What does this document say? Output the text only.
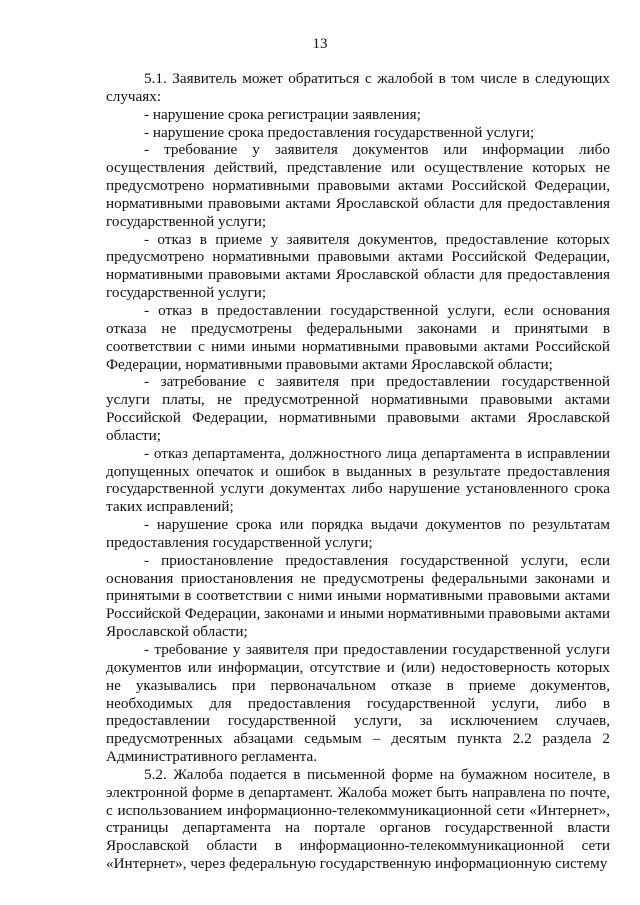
13

5.1. Заявитель может обратиться с жалобой в том числе в следующих случаях:

- нарушение срока регистрации заявления;

- нарушение срока предоставления государственной услуги;

- требование у заявителя документов или информации либо осуществления действий, представление или осуществление которых не предусмотрено нормативными правовыми актами Российской Федерации, нормативными правовыми актами Ярославской области для предоставления государственной услуги;

- отказ в приеме у заявителя документов, предоставление которых предусмотрено нормативными правовыми актами Российской Федерации, нормативными правовыми актами Ярославской области для предоставления государственной услуги;

- отказ в предоставлении государственной услуги, если основания отказа не предусмотрены федеральными законами и принятыми в соответствии с ними иными нормативными правовыми актами Российской Федерации, нормативными правовыми актами Ярославской области;

- затребование с заявителя при предоставлении государственной услуги платы, не предусмотренной нормативными правовыми актами Российской Федерации, нормативными правовыми актами Ярославской области;

- отказ департамента, должностного лица департамента в исправлении допущенных опечаток и ошибок в выданных в результате предоставления государственной услуги документах либо нарушение установленного срока таких исправлений;

- нарушение срока или порядка выдачи документов по результатам предоставления государственной услуги;

- приостановление предоставления государственной услуги, если основания приостановления не предусмотрены федеральными законами и принятыми в соответствии с ними иными нормативными правовыми актами Российской Федерации, законами и иными нормативными правовыми актами Ярославской области;

- требование у заявителя при предоставлении государственной услуги документов или информации, отсутствие и (или) недостоверность которых не указывались при первоначальном отказе в приеме документов, необходимых для предоставления государственной услуги, либо в предоставлении государственной услуги, за исключением случаев, предусмотренных абзацами седьмым – десятым пункта 2.2 раздела 2 Административного регламента.

5.2. Жалоба подается в письменной форме на бумажном носителе, в электронной форме в департамент. Жалоба может быть направлена по почте, с использованием информационно-телекоммуникационной сети «Интернет», страницы департамента на портале органов государственной власти Ярославской области в информационно-телекоммуникационной сети «Интернет», через федеральную государственную информационную систему
